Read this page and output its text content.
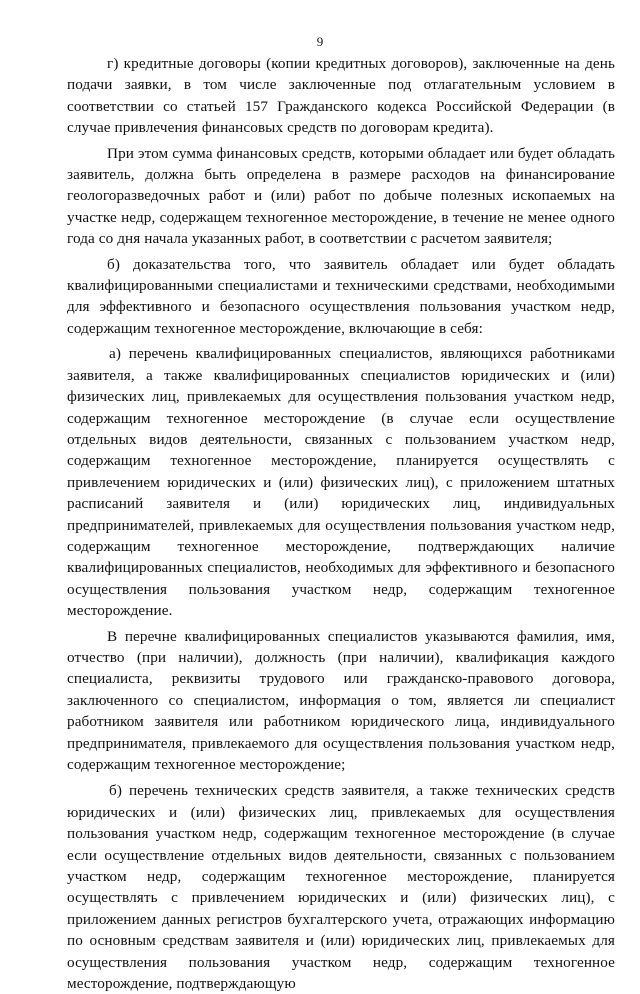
9

г) кредитные договоры (копии кредитных договоров), заключенные на день подачи заявки, в том числе заключенные под отлагательным условием в соответствии со статьей 157 Гражданского кодекса Российской Федерации (в случае привлечения финансовых средств по договорам кредита).

При этом сумма финансовых средств, которыми обладает или будет обладать заявитель, должна быть определена в размере расходов на финансирование геологоразведочных работ и (или) работ по добыче полезных ископаемых на участке недр, содержащем техногенное месторождение, в течение не менее одного года со дня начала указанных работ, в соответствии с расчетом заявителя;

б) доказательства того, что заявитель обладает или будет обладать квалифицированными специалистами и техническими средствами, необходимыми для эффективного и безопасного осуществления пользования участком недр, содержащим техногенное месторождение, включающие в себя:

а) перечень квалифицированных специалистов, являющихся работниками заявителя, а также квалифицированных специалистов юридических и (или) физических лиц, привлекаемых для осуществления пользования участком недр, содержащим техногенное месторождение (в случае если осуществление отдельных видов деятельности, связанных с пользованием участком недр, содержащим техногенное месторождение, планируется осуществлять с привлечением юридических и (или) физических лиц), с приложением штатных расписаний заявителя и (или) юридических лиц, индивидуальных предпринимателей, привлекаемых для осуществления пользования участком недр, содержащим техногенное месторождение, подтверждающих наличие квалифицированных специалистов, необходимых для эффективного и безопасного осуществления пользования участком недр, содержащим техногенное месторождение.

В перечне квалифицированных специалистов указываются фамилия, имя, отчество (при наличии), должность (при наличии), квалификация каждого специалиста, реквизиты трудового или гражданско-правового договора, заключенного со специалистом, информация о том, является ли специалист работником заявителя или работником юридического лица, индивидуального предпринимателя, привлекаемого для осуществления пользования участком недр, содержащим техногенное месторождение;

б) перечень технических средств заявителя, а также технических средств юридических и (или) физических лиц, привлекаемых для осуществления пользования участком недр, содержащим техногенное месторождение (в случае если осуществление отдельных видов деятельности, связанных с пользованием участком недр, содержащим техногенное месторождение, планируется осуществлять с привлечением юридических и (или) физических лиц), с приложением данных регистров бухгалтерского учета, отражающих информацию по основным средствам заявителя и (или) юридических лиц, привлекаемых для осуществления пользования участком недр, содержащим техногенное месторождение, подтверждающую
